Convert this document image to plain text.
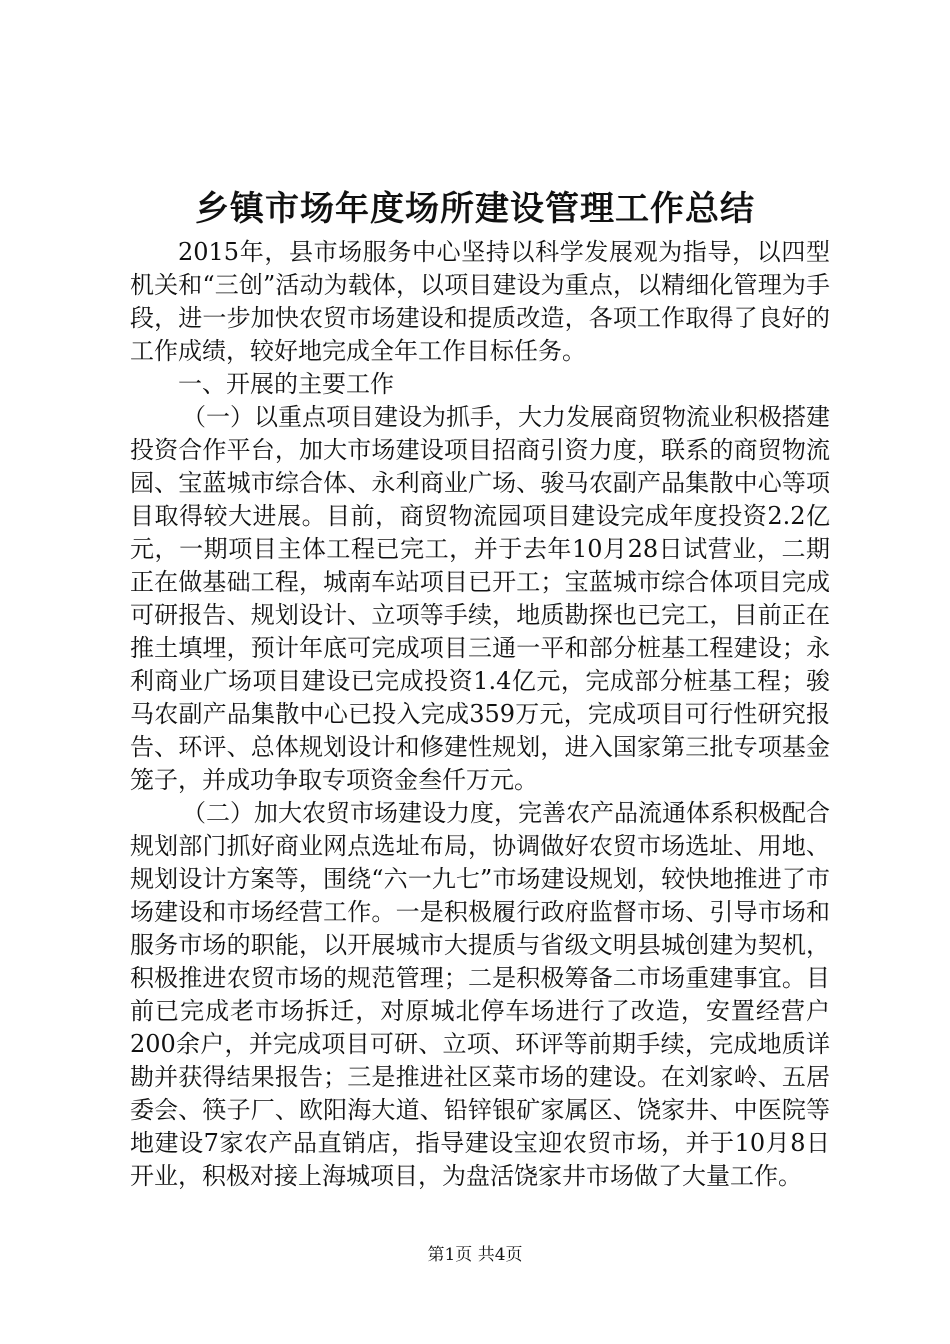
乡镇市场年度场所建设管理工作总结

2015年，县市场服务中心坚持以科学发展观为指导，以四型机关和“三创”活动为载体，以项目建设为重点，以精细化管理为手段，进一步加快农贸市场建设和提质改造，各项工作取得了良好的工作成绩，较好地完成全年工作目标任务。

一、开展的主要工作

（一）以重点项目建设为抓手，大力发展商贸物流业积极搭建投资合作平台，加大市场建设项目招商引资力度，联系的商贸物流园、宝蓝城市综合体、永利商业广场、骏马农副产品集散中心等项目取得较大进展。目前，商贸物流园项目建设完成年度投资2.2亿元，一期项目主体工程已完工，并于去年10月28日试营业，二期正在做基础工程，城南车站项目已开工；宝蓝城市综合体项目完成可研报告、规划设计、立项等手续，地质勘探也已完工，目前正在推土填埋，预计年底可完成项目三通一平和部分桩基工程建设；永利商业广场项目建设已完成投资1.4亿元，完成部分桩基工程；骏马农副产品集散中心已投入完成359万元，完成项目可行性研究报告、环评、总体规划设计和修建性规划，进入国家第三批专项基金笼子，并成功争取专项资金叁仟万元。

（二）加大农贸市场建设力度，完善农产品流通体系积极配合规划部门抓好商业网点选址布局，协调做好农贸市场选址、用地、规划设计方案等，围绕“六一九七”市场建设规划，较快地推进了市场建设和市场经营工作。一是积极履行政府监督市场、引导市场和服务市场的职能，以开展城市大提质与省级文明县城创建为契机，积极推进农贸市场的规范管理；二是积极筹备二市场重建事宜。目前已完成老市场拆迁，对原城北停车场进行了改造，安置经营户200余户，并完成项目可研、立项、环评等前期手续，完成地质详勘并获得结果报告；三是推进社区菜市场的建设。在刘家岭、五居委会、筷子厂、欧阳海大道、铅锌银矿家属区、饶家井、中医院等地建设7家农产品直销店，指导建设宝迎农贸市场，并于10月8日开业，积极对接上海城项目，为盘活饶家井市场做了大量工作。

第1页 共4页
